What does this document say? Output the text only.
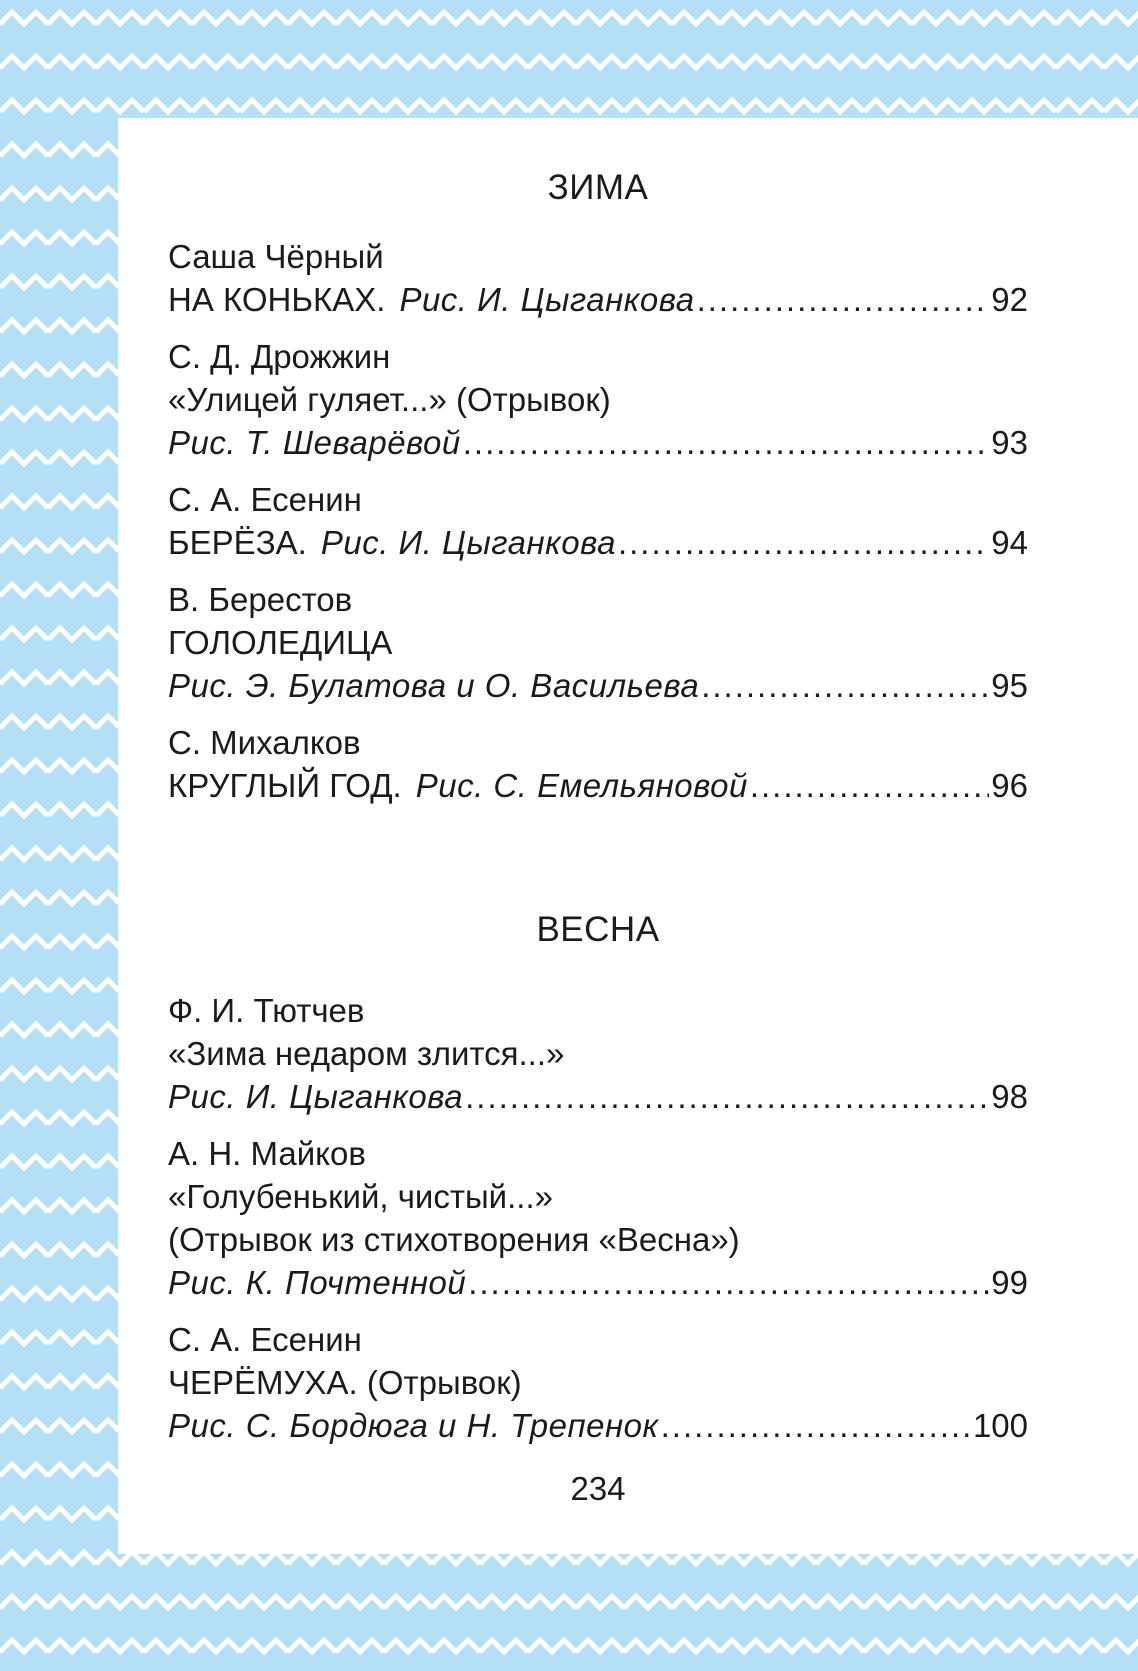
ЗИМА
Саша Чёрный
НА КОНЬКАХ. Рис. И. Цыганкова .....	92
С. Д. Дрожжин
«Улицей гуляет...» (Отрывок)
Рис. Т. Шеварёвой .....	93
С. А. Есенин
БЕРЁЗА. Рис. И. Цыганкова .....	94
В. Берестов
ГОЛОЛЕДИЦА
Рис. Э. Булатова и О. Васильева .....	95
С. Михалков
КРУГЛЫЙ ГОД. Рис. С. Емельяновой .....	96
ВЕСНА
Ф. И. Тютчев
«Зима недаром злится...»
Рис. И. Цыганкова .....	98
А. Н. Майков
«Голубенький, чистый...»
(Отрывок из стихотворения «Весна»)
Рис. К. Почтенной .....	99
С. А. Есенин
ЧЕРЁМУХА. (Отрывок)
Рис. С. Бордюга и Н. Трепенок .....	100
234
